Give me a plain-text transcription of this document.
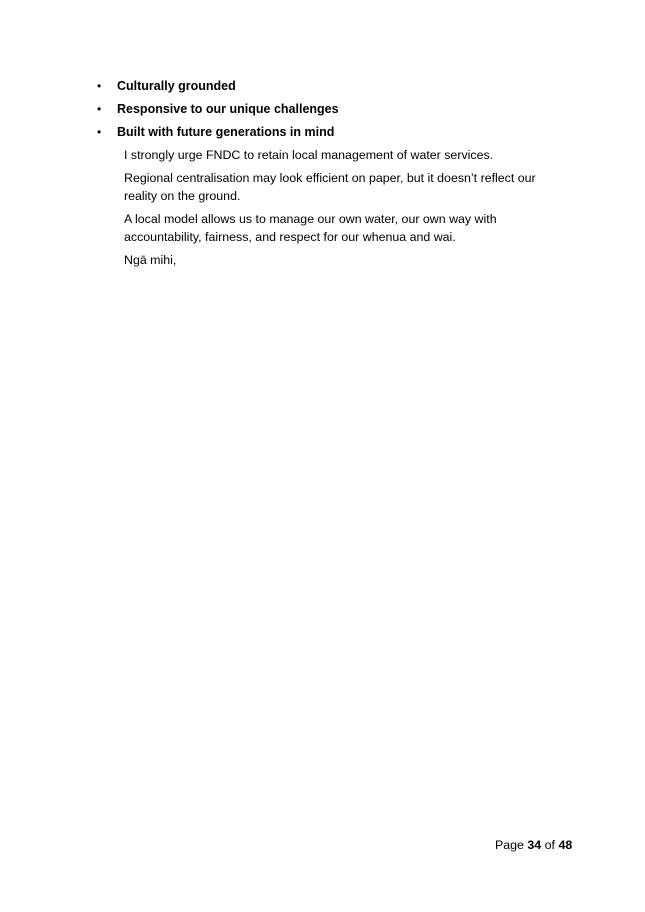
•	Culturally grounded
•	Responsive to our unique challenges
•	Built with future generations in mind

I strongly urge FNDC to retain local management of water services.

Regional centralisation may look efficient on paper, but it doesn’t reflect our reality on the ground.

A local model allows us to manage our own water, our own way with accountability, fairness, and respect for our whenua and wai.

Ngā mihi,

Page 34 of 48
